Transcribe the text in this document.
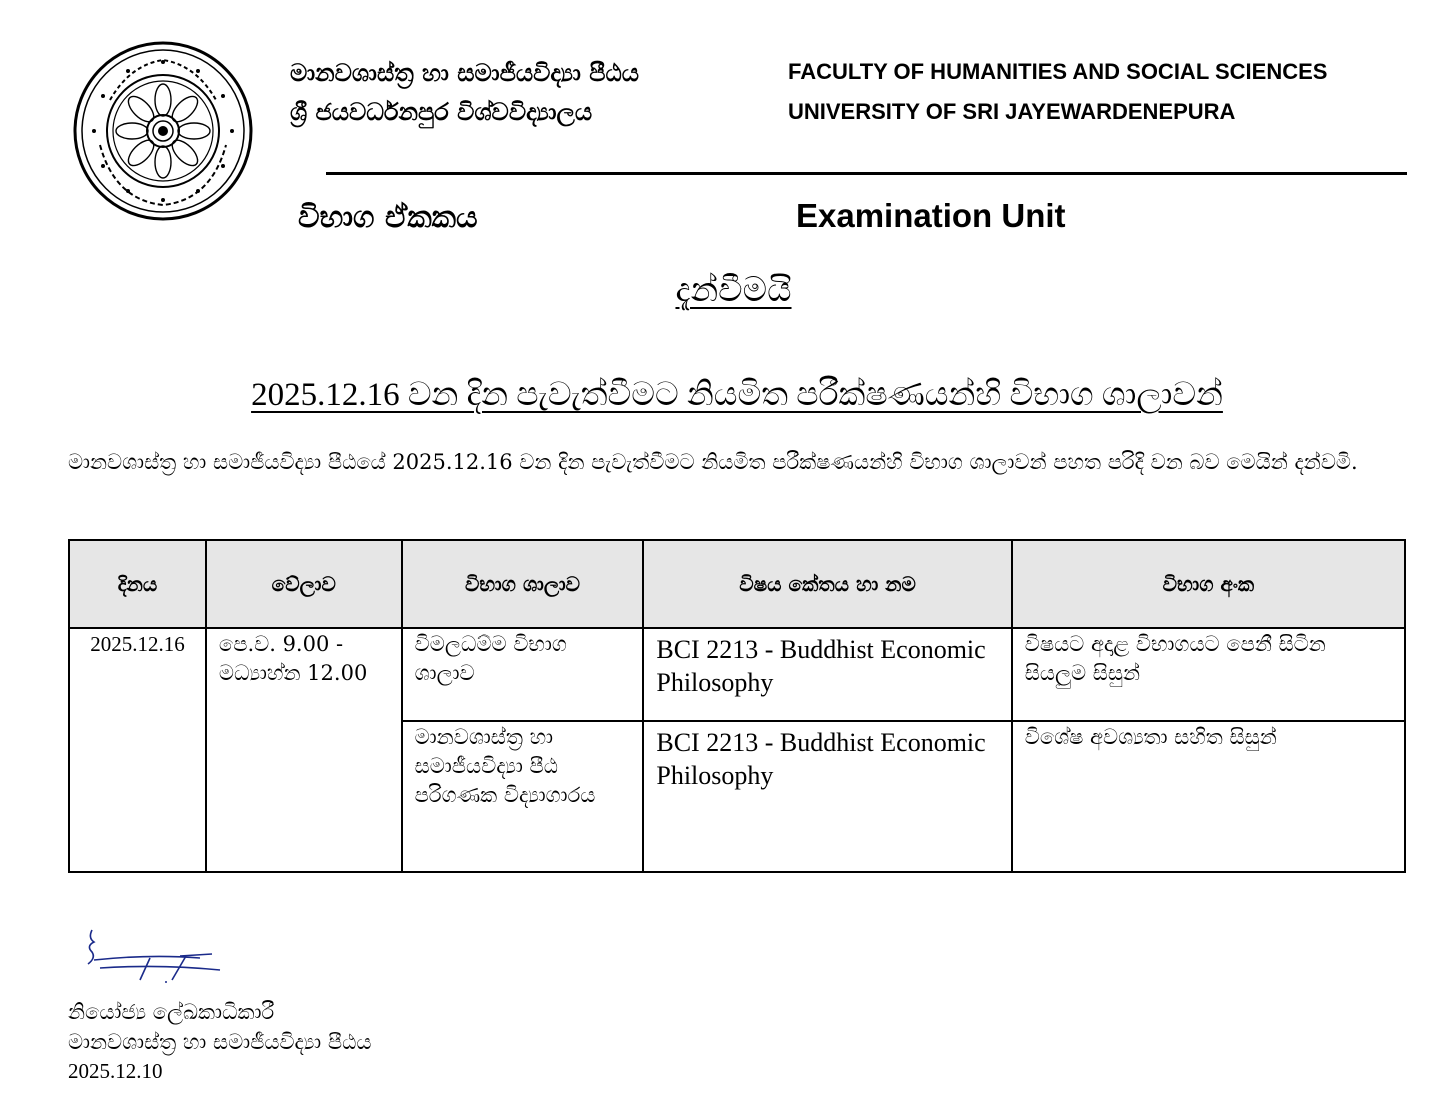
මානවශාස්ත්‍ර හා සමාජීයවිද්‍යා පීඨය
ශ්‍රී ජයවර්ධනපුර විශ්වවිද්‍යාලය
FACULTY OF HUMANITIES AND SOCIAL SCIENCES
UNIVERSITY OF SRI JAYEWARDENEPURA
විභාග ඒකකය	Examination Unit
දැන්වීමයි
2025.12.16 වන දින පැවැත්වීමට නියමිත පරීක්ෂණයන්හි විභාග ශාලාවන්
මානවශාස්ත්‍ර හා සමාජීයවිද්‍යා පීඨයේ 2025.12.16 වන දින පැවැත්වීමට නියමිත පරීක්ෂණයන්හි විභාග ශාලාවන් පහත පරිදි වන බව මෙයින් දන්වමි.
දිනය	වේලාව	විභාග ශාලාව	විෂය කේතය හා නම	විභාග අංක
2025.12.16	පෙ.ව. 9.00 - මධ්‍යාහ්න 12.00	විමලධම්ම විභාග ශාලාව	BCI 2213 - Buddhist Economic Philosophy	විෂයට අදාළ විභාගයට පෙනී සිටින සියලුම සිසුන්
		මානවශාස්ත්‍ර හා සමාජීයවිද්‍යා පීඨ පරිගණක විද්‍යාගාරය	BCI 2213 - Buddhist Economic Philosophy	විශේෂ අවශ්‍යතා සහිත සිසුන්
නියෝජ්‍ය ලේඛකාධිකාරී
මානවශාස්ත්‍ර හා සමාජීයවිද්‍යා පීඨය
2025.12.10
